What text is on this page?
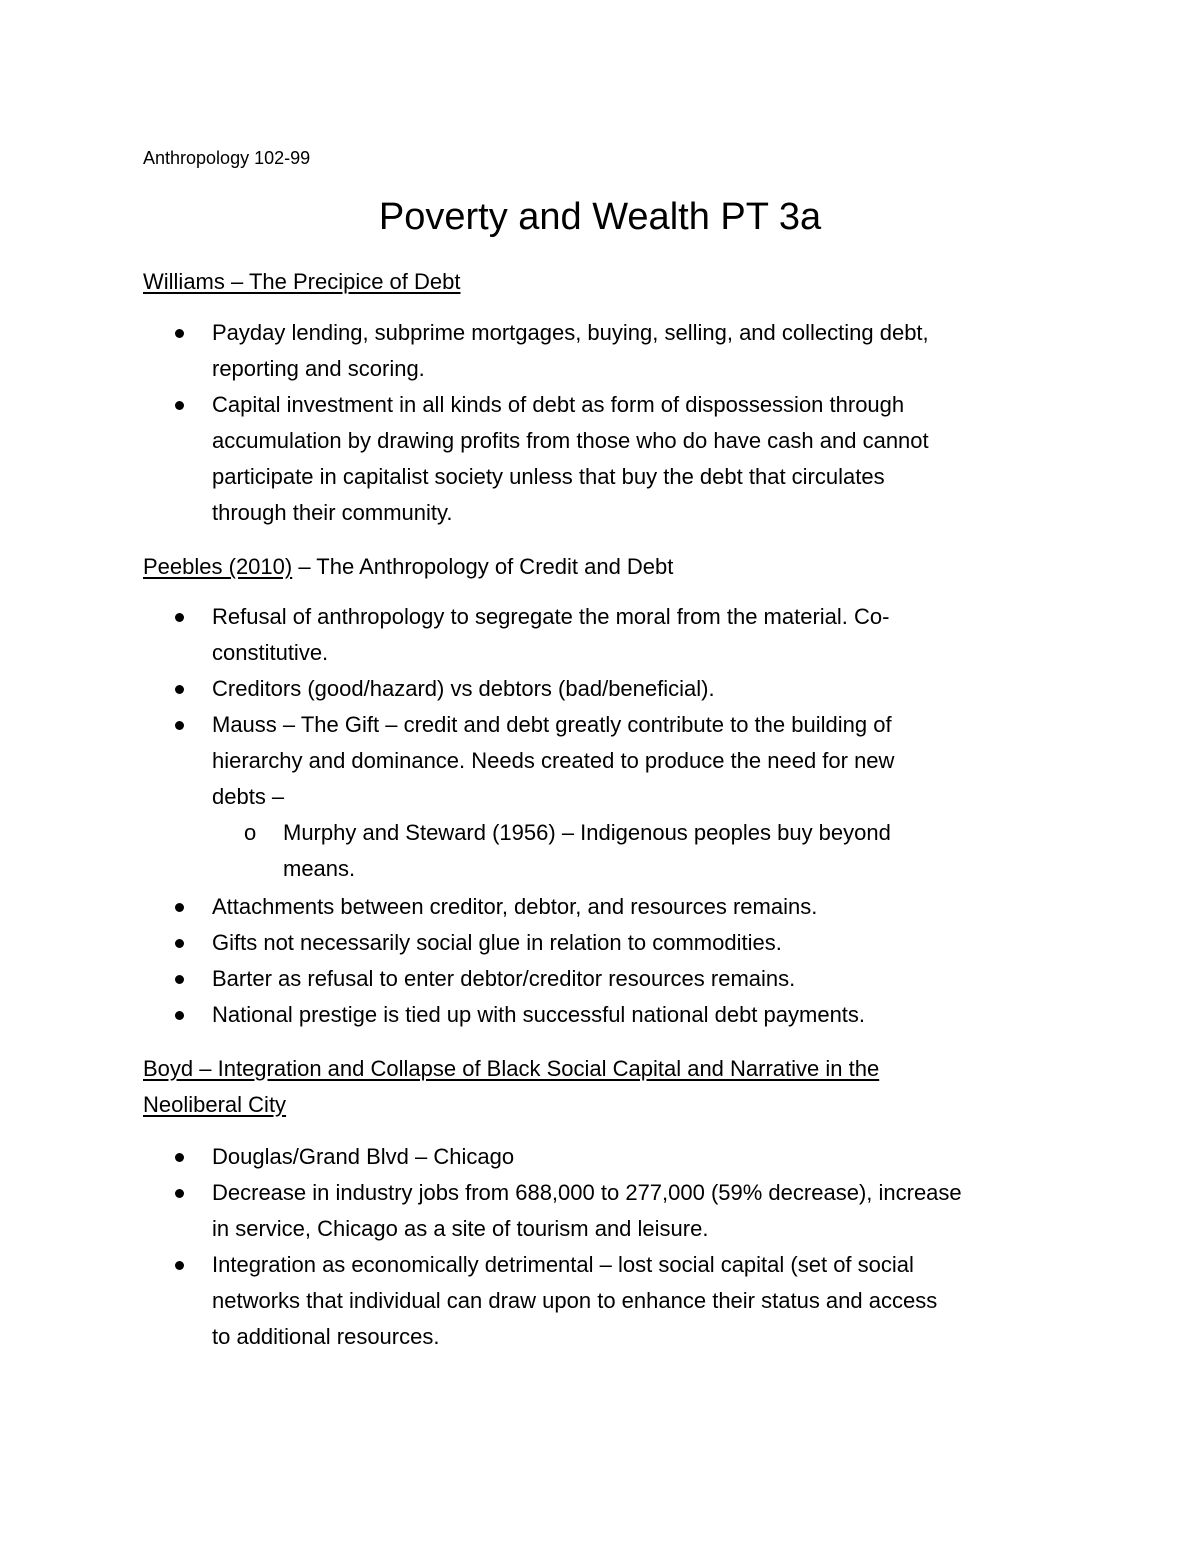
Anthropology 102-99
Poverty and Wealth PT 3a
Williams – The Precipice of Debt
Payday lending, subprime mortgages, buying, selling, and collecting debt,
reporting and scoring.
Capital investment in all kinds of debt as form of dispossession through
accumulation by drawing profits from those who do have cash and cannot
participate in capitalist society unless that buy the debt that circulates
through their community.
Peebles (2010) – The Anthropology of Credit and Debt
Refusal of anthropology to segregate the moral from the material. Co-
constitutive.
Creditors (good/hazard) vs debtors (bad/beneficial).
Mauss – The Gift – credit and debt greatly contribute to the building of
hierarchy and dominance. Needs created to produce the need for new
debts –
o Murphy and Steward (1956) – Indigenous peoples buy beyond
means.
Attachments between creditor, debtor, and resources remains.
Gifts not necessarily social glue in relation to commodities.
Barter as refusal to enter debtor/creditor resources remains.
National prestige is tied up with successful national debt payments.
Boyd – Integration and Collapse of Black Social Capital and Narrative in the
Neoliberal City
Douglas/Grand Blvd – Chicago
Decrease in industry jobs from 688,000 to 277,000 (59% decrease), increase
in service, Chicago as a site of tourism and leisure.
Integration as economically detrimental – lost social capital (set of social
networks that individual can draw upon to enhance their status and access
to additional resources.
